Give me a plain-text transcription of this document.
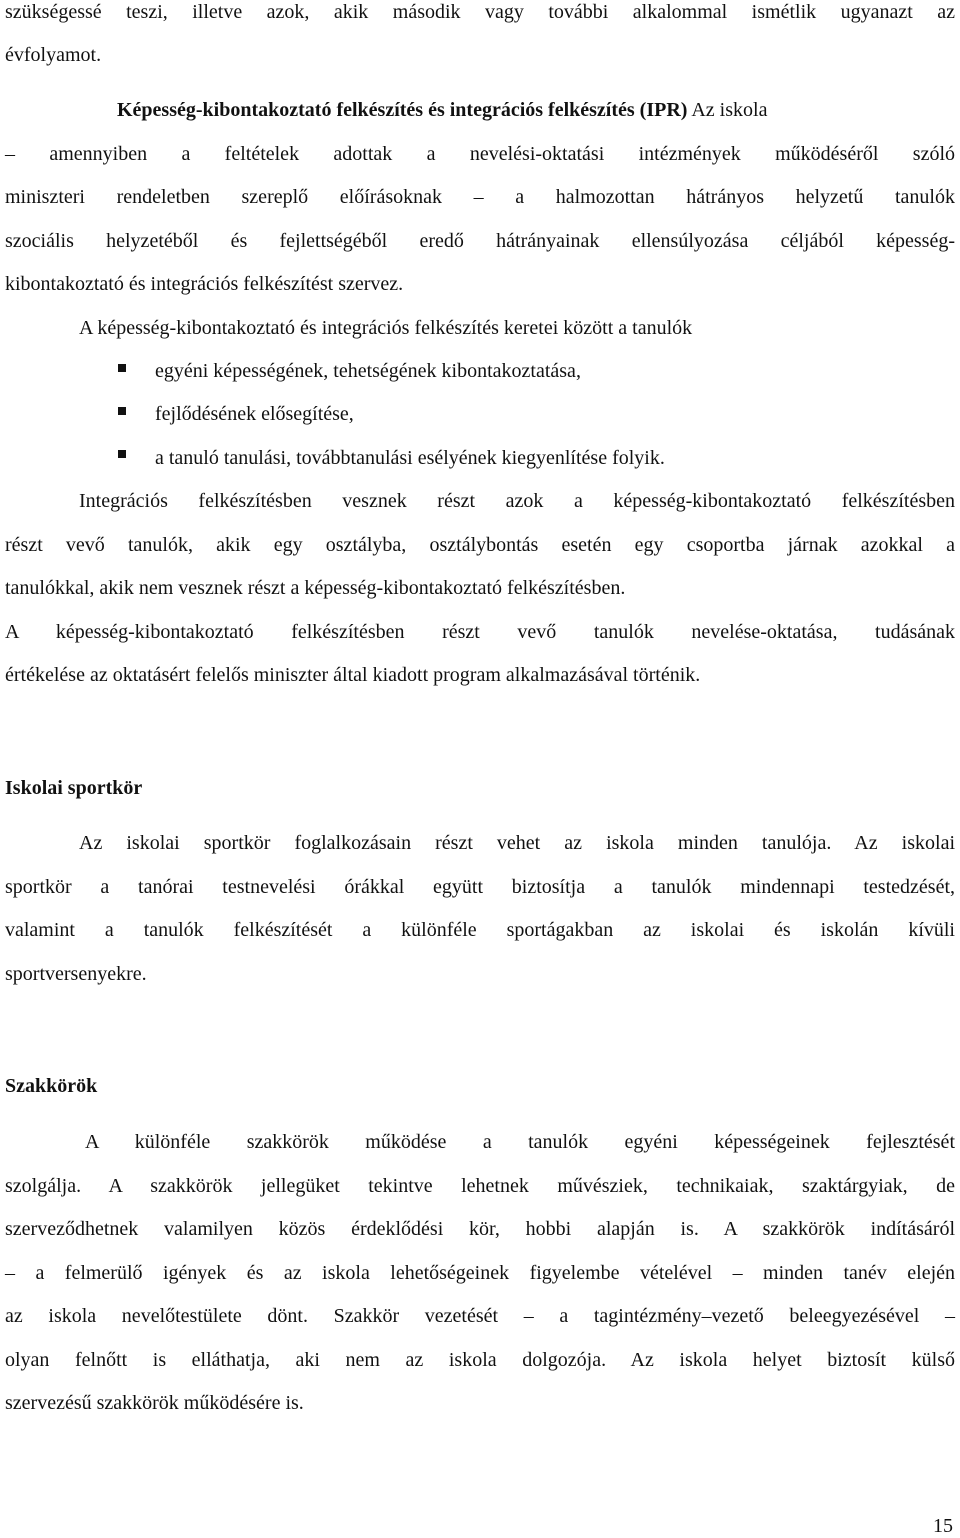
szükségessé teszi, illetve azok, akik második vagy további alkalommal ismétlik ugyanazt az
évfolyamot.
Képesség-kibontakoztató felkészítés és integrációs felkészítés (IPR) Az iskola
– amennyiben a feltételek adottak a nevelési-oktatási intézmények működéséről szóló
miniszteri rendeletben szereplő előírásoknak – a halmozottan hátrányos helyzetű tanulók
szociális helyzetéből és fejlettségéből eredő hátrányainak ellensúlyozása céljából képesség-
kibontakoztató és integrációs felkészítést szervez.
A képesség-kibontakoztató és integrációs felkészítés keretei között a tanulók
egyéni képességének, tehetségének kibontakoztatása,
fejlődésének elősegítése,
a tanuló tanulási, továbbtanulási esélyének kiegyenlítése folyik.
Integrációs felkészítésben vesznek részt azok a képesség-kibontakoztató felkészítésben
részt vevő tanulók, akik egy osztályba, osztálybontás esetén egy csoportba járnak azokkal a
tanulókkal, akik nem vesznek részt a képesség-kibontakoztató felkészítésben.
A képesség-kibontakoztató felkészítésben részt vevő tanulók nevelése-oktatása, tudásának
értékelése az oktatásért felelős miniszter által kiadott program alkalmazásával történik.
Iskolai sportkör
Az iskolai sportkör foglalkozásain részt vehet az iskola minden tanulója. Az iskolai
sportkör a tanórai testnevelési órákkal együtt biztosítja a tanulók mindennapi testedzését,
valamint a tanulók felkészítését a különféle sportágakban az iskolai és iskolán kívüli
sportversenyekre.
Szakkörök
A különféle szakkörök működése a tanulók egyéni képességeinek fejlesztését
szolgálja. A szakkörök jellegüket tekintve lehetnek művésziek, technikaiak, szaktárgyiak, de
szerveződhetnek valamilyen közös érdeklődési kör, hobbi alapján is. A szakkörök indításáról
– a felmerülő igények és az iskola lehetőségeinek figyelembe vételével – minden tanév elején
az iskola nevelőtestülete dönt. Szakkör vezetését – a tagintézmény–vezető beleegyezésével –
olyan felnőtt is elláthatja, aki nem az iskola dolgozója. Az iskola helyet biztosít külső
szervezésű szakkörök működésére is.
15
